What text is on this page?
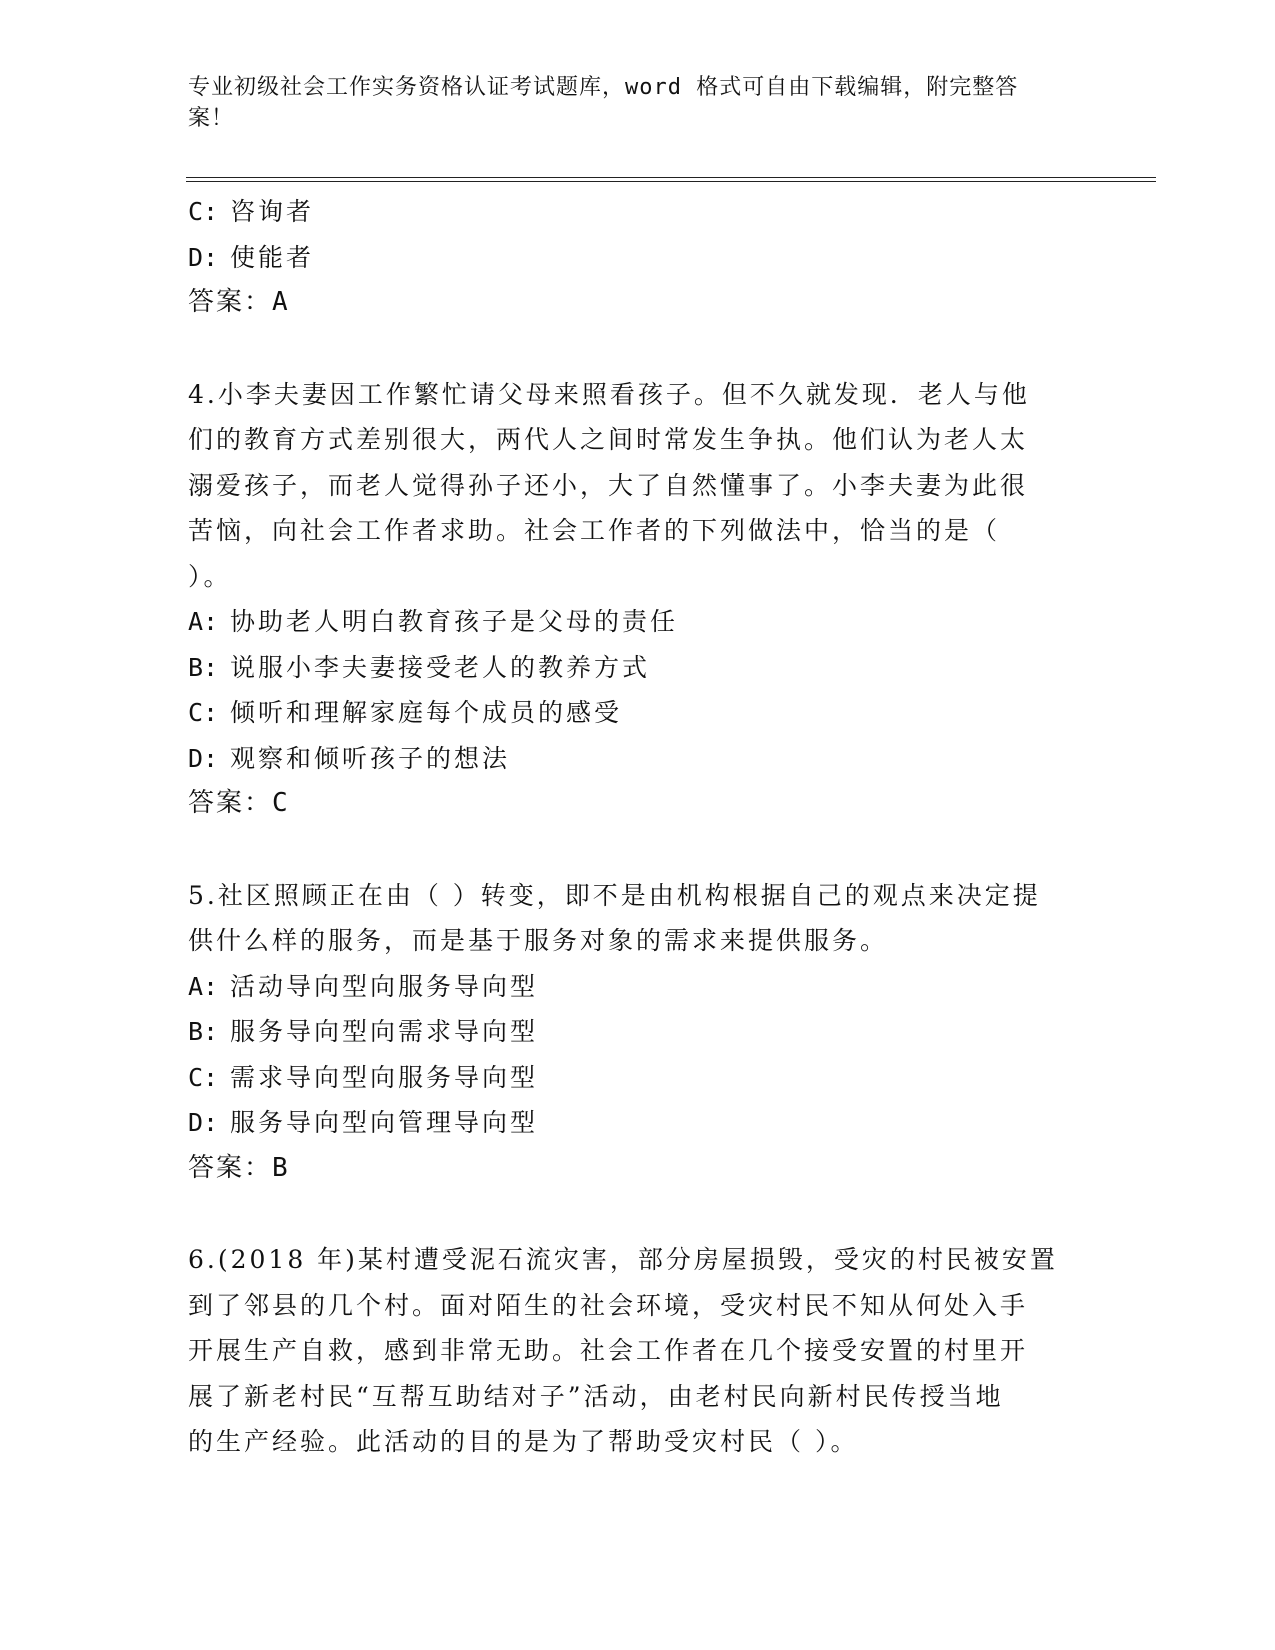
专业初级社会工作实务资格认证考试题库，word 格式可自由下载编辑，附完整答
案！
C: 咨询者
D: 使能者
答案：A
4.小李夫妻因工作繁忙请父母来照看孩子。但不久就发现．老人与他
们的教育方式差别很大，两代人之间时常发生争执。他们认为老人太
溺爱孩子，而老人觉得孙子还小，大了自然懂事了。小李夫妻为此很
苦恼，向社会工作者求助。社会工作者的下列做法中，恰当的是（
）。
A: 协助老人明白教育孩子是父母的责任
B: 说服小李夫妻接受老人的教养方式
C: 倾听和理解家庭每个成员的感受
D: 观察和倾听孩子的想法
答案：C
5.社区照顾正在由（ ）转变，即不是由机构根据自己的观点来决定提
供什么样的服务，而是基于服务对象的需求来提供服务。
A: 活动导向型向服务导向型
B: 服务导向型向需求导向型
C: 需求导向型向服务导向型
D: 服务导向型向管理导向型
答案：B
6.(2018 年)某村遭受泥石流灾害，部分房屋损毁，受灾的村民被安置
到了邻县的几个村。面对陌生的社会环境，受灾村民不知从何处入手
开展生产自救，感到非常无助。社会工作者在几个接受安置的村里开
展了新老村民“互帮互助结对子”活动，由老村民向新村民传授当地
的生产经验。此活动的目的是为了帮助受灾村民（ ）。
